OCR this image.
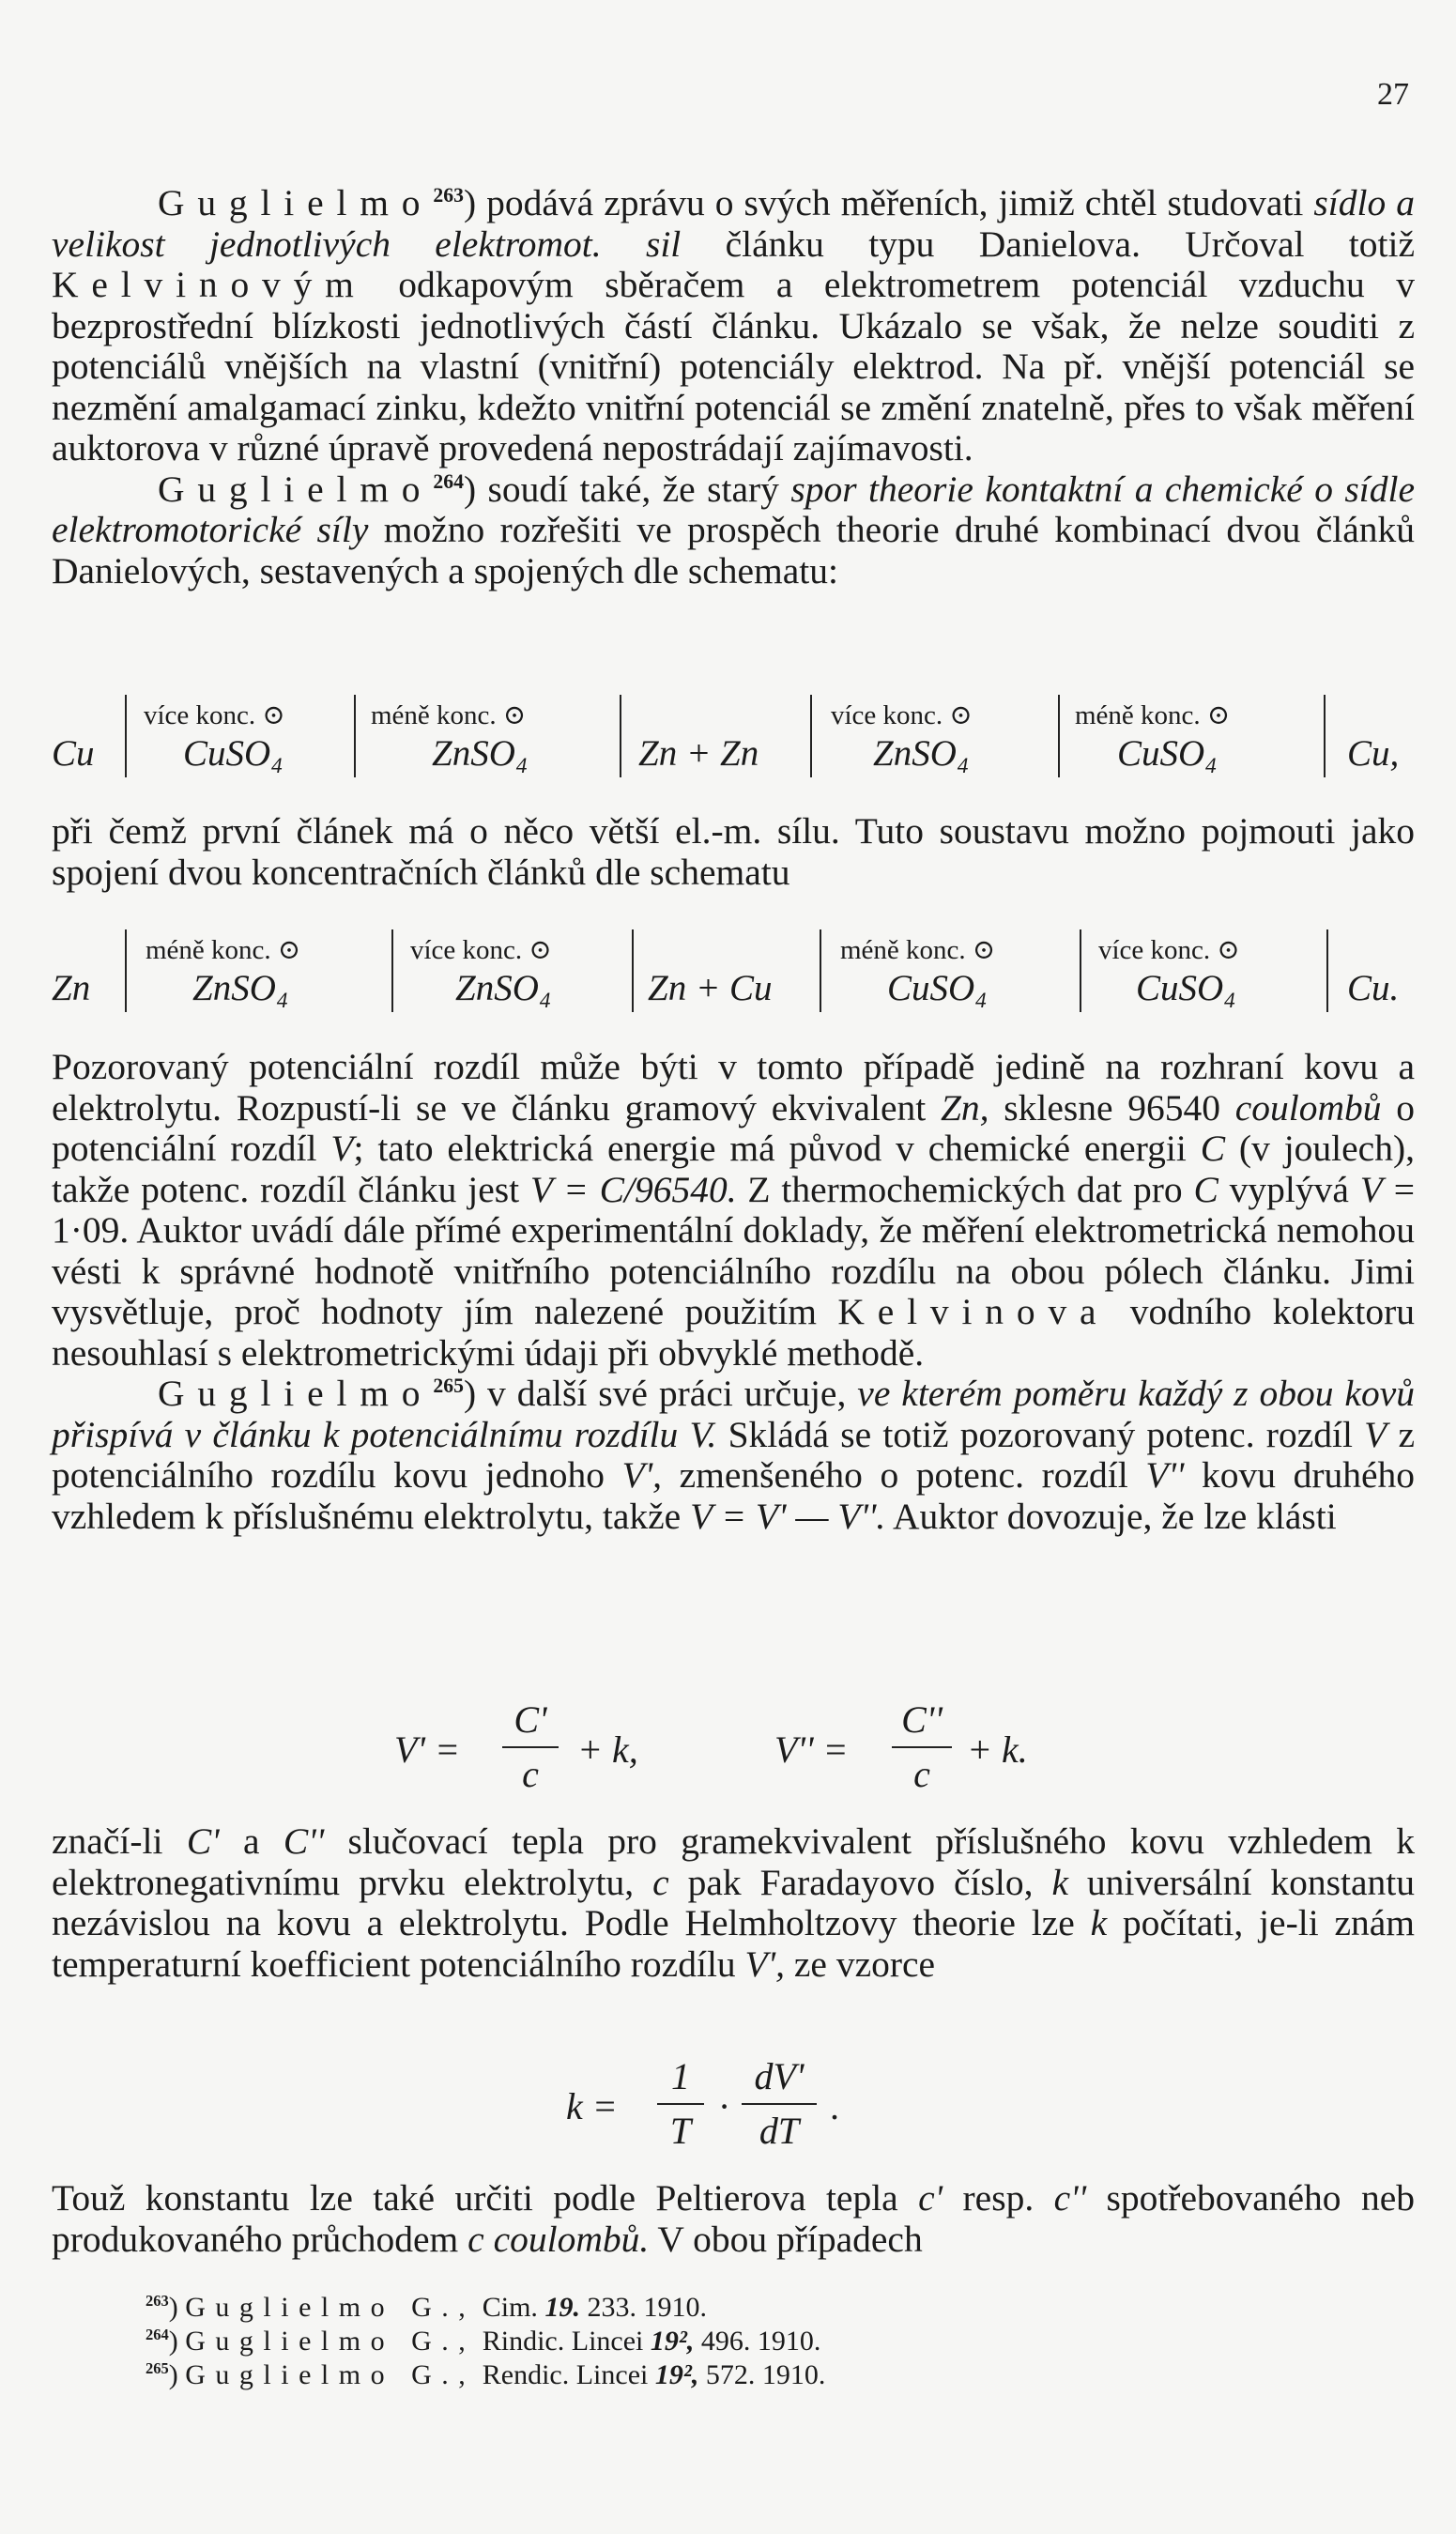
27

Guglielmo$^{263}$) podává zprávu o svých měřeních, jimiž chtěl studovati sídlo a velikost jednotlivých elektromot. sil článku typu Danielova. Určoval totiž Kelvinovým odkapovým sběračem a elektrometrem potenciál vzduchu v bezprostřední blízkosti jednotlivých částí článku. Ukázalo se však, že nelze souditi z potenciálů vnějších na vlastní (vnitřní) potenciály elektrod. Na př. vnější potenciál se nezmění amalgamací zinku, kdežto vnitřní potenciál se změní znatelně, přes to však měření auktorova v různé úpravě provedená nepostrádají zajímavosti.

Guglielmo$^{264}$) soudí také, že starý spor theorie kontaktní a chemické o sídle elektromotorické síly možno rozřešiti ve prospěch theorie druhé kombinací dvou článků Danielových, sestavených a spojených dle schematu:

Cu
více konc. ⊙
CuSO₄
méně konc. ⊙
ZnSO₄	Zn + Zn
více konc. ⊙
ZnSO₄
méně konc. ⊙
CuSO₄	Cu,

při čemž první článek má o něco větší el.-m. sílu. Tuto soustavu možno pojmouti jako spojení dvou koncentračních článků dle schematu

Zn
méně konc. ⊙
ZnSO₄
více konc. ⊙
ZnSO₄	Zn + Cu
méně konc. ⊙
CuSO₄
více konc. ⊙
CuSO₄	Cu.

Pozorovaný potenciální rozdíl může býti v tomto případě jedině na rozhraní kovu a elektrolytu. Rozpustí-li se ve článku gramový ekvivalent Zn, sklesne 96540 coulombů o potenciální rozdíl V; tato elektrická energie má původ v chemické energii C (v joulech), takže potenc. rozdíl článku jest V = C/96540. Z thermochemických dat pro C vyplývá V = 1·09. Auktor uvádí dále přímé experimentální doklady, že měření elektrometrická nemohou vésti k správné hodnotě vnitřního potenciálního rozdílu na obou pólech článku. Jimi vysvětluje, proč hodnoty jím nalezené použitím Kelvinova vodního kolektoru nesouhlasí s elektrometrickými údaji při obvyklé methodě.

Guglielmo$^{265}$) v další své práci určuje, ve kterém poměru každý z obou kovů přispívá v článku k potenciálnímu rozdílu V. Skládá se totiž pozorovaný potenc. rozdíl V z potenciálního rozdílu kovu jednoho V', zmenšeného o potenc. rozdíl V'' kovu druhého vzhledem k příslušnému elektrolytu, takže V = V' — V''. Auktor dovozuje, že lze klásti

V' =
C'
c
+ k,	V'' =
C''
c
+ k.

značí-li C' a C'' slučovací tepla pro gramekvivalent příslušného kovu vzhledem k elektronegativnímu prvku elektrolytu, c pak Faradayovo číslo, k universální konstantu nezávislou na kovu a elektrolytu. Podle Helmholtzovy theorie lze k počítati, je-li znám temperaturní koefficient potenciálního rozdílu V', ze vzorce

k =
1
T
·
dV'
dT
.

Touž konstantu lze také určiti podle Peltierova tepla c' resp. c'' spotřebovaného neb produkovaného průchodem c coulombů. V obou případech

$^{263}$) Guglielmo G., Cim. 19. 233. 1910.

$^{264}$) Guglielmo G., Rindic. Lincei 19², 496. 1910.

$^{265}$) Guglielmo G., Rendic. Lincei 19², 572. 1910.
